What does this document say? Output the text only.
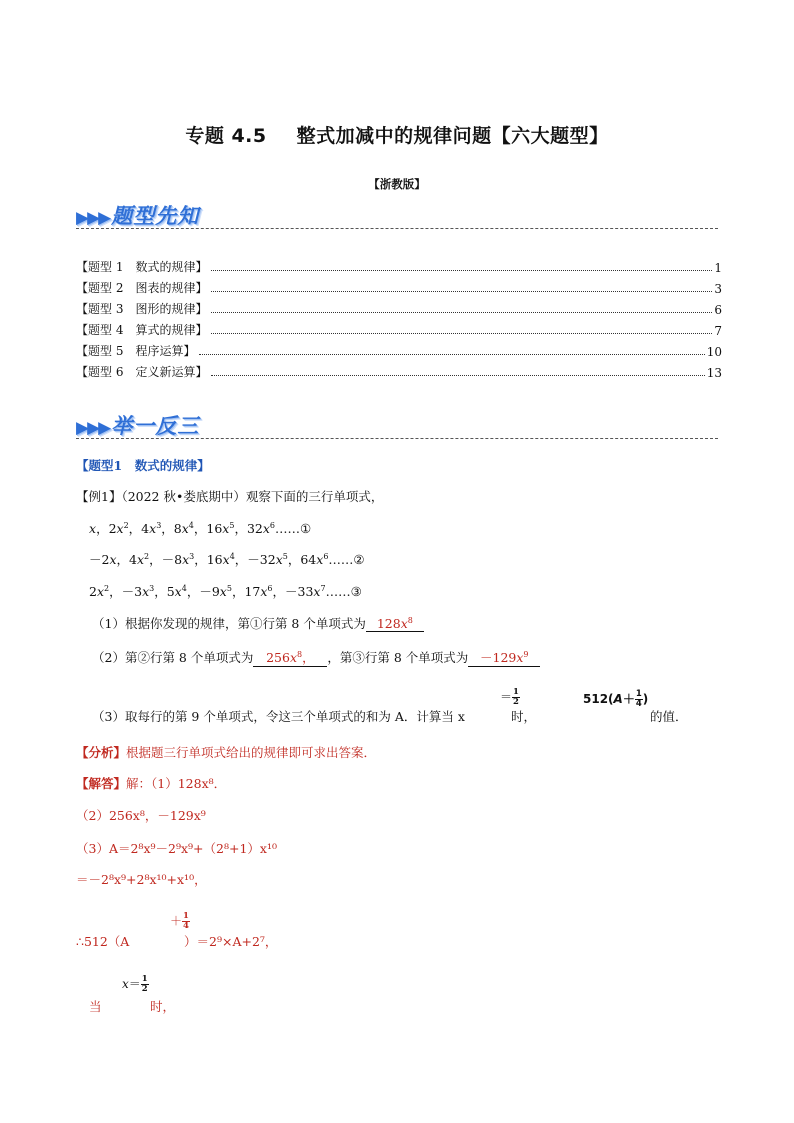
专题 4.5 整式加减中的规律问题【六大题型】
【浙教版】
▶▶▶题型先知
【题型 1　数式的规律】	1
【题型 2　图表的规律】	3
【题型 3　图形的规律】	6
【题型 4　算式的规律】	7
【题型 5　程序运算】	10
【题型 6　定义新运算】	13
▶▶▶举一反三
【题型1　数式的规律】
【例1】（2022 秋•娄底期中）观察下面的三行单项式，
x，$2x^2$，$4x^3$，$8x^4$，$16x^5$，$32x^6\dots\dots ①$
－2x，$4x^2$，$-8x^3$，$16x^4$，$-32x^5$，$64x^6\dots\dots ②$
$2x^2$，$-3x^3$，$5x^4$，$-9x^5$，$17x^6$，$-33x^7\dots\dots ③$
（1）根据你发现的规律，第①行第 8 个单项式为 $128x^8$
（2）第②行第 8 个单项式为 $256x^8$， ，第③行第 8 个单项式为 $-129x^9$
（3）取每行的第 9 个单项式，令这三个单项式的和为 A．计算当 x
＝ $\frac{1}{2}$
时，
$512(A+ \frac{1}{4}$ )
的值．
【分析】根据题三行单项式给出的规律即可求出答案．
【解答】解：（1）128x⁸．
（2）256x⁸，－129x⁹
（3）A＝2⁸x⁹－2⁹x⁹+（2⁸+1）x¹⁰
＝－2⁸x⁹+2⁸x¹⁰+x¹⁰，
∴512（A
＋ $\frac{1}{4}$
）＝2⁹×A+2⁷，
当
$x= \frac{1}{2}$
时，
